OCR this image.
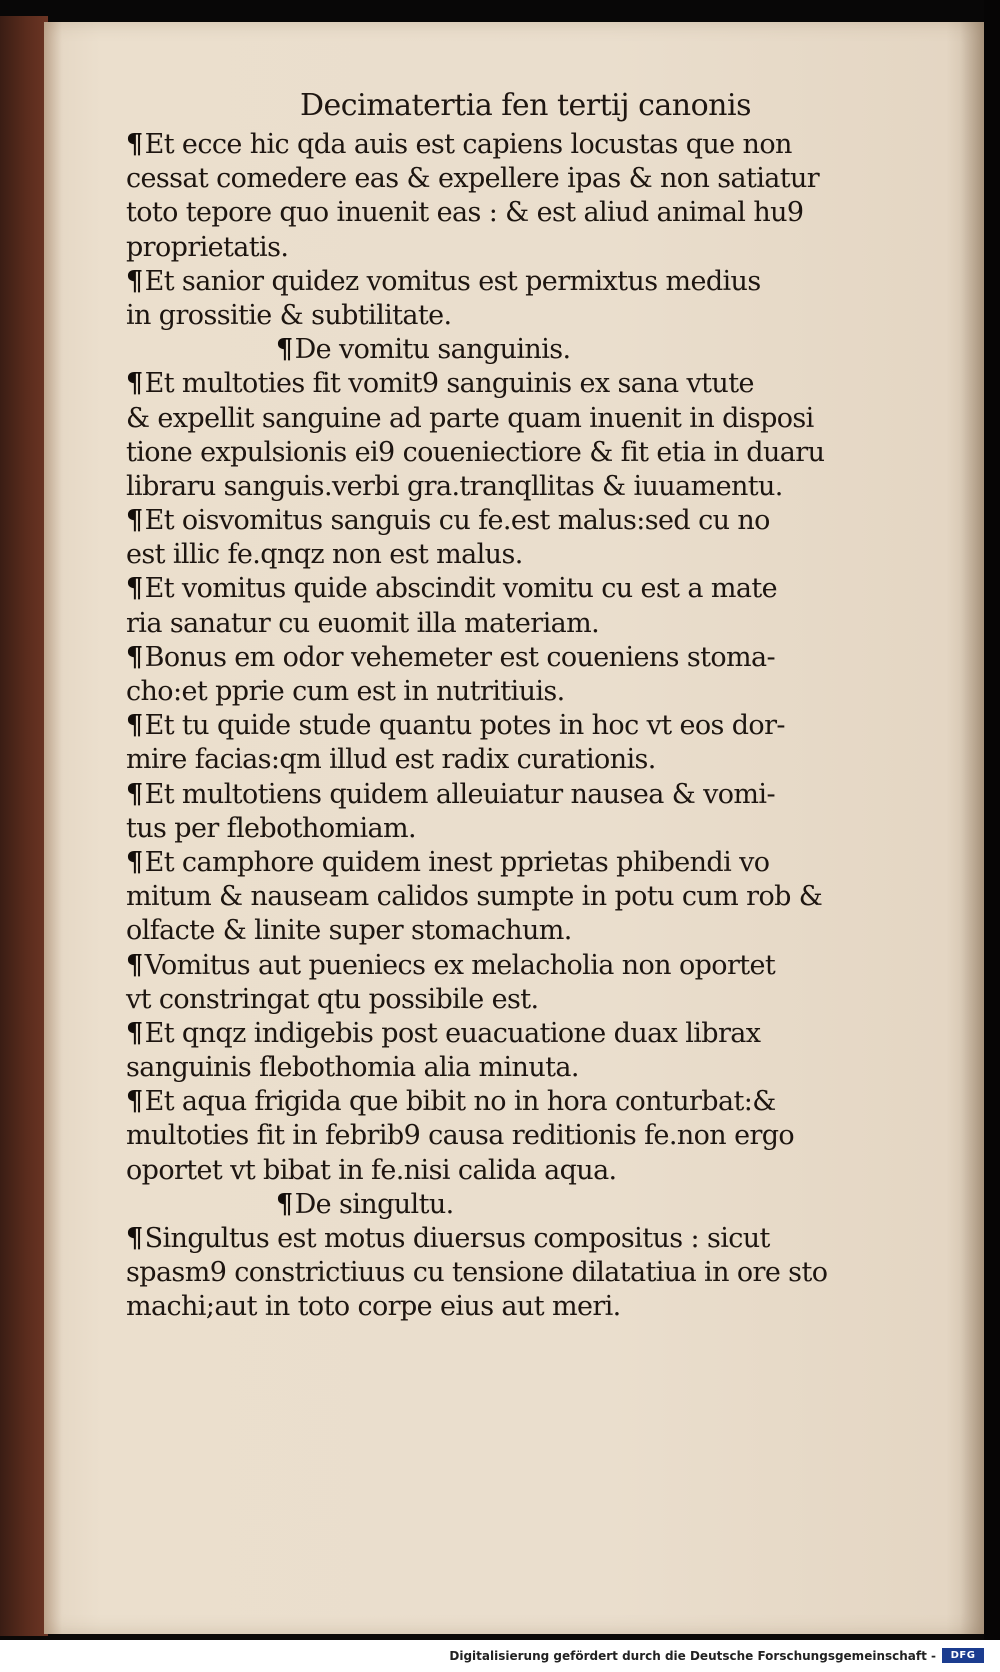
Decimatertia fen tertij canonis
¶Et ecce hic qda auis est capiens locustas que non
cessat comedere eas & expellere ipas & non satiatur
toto tepore quo inuenit eas : & est aliud animal hu9
proprietatis.
¶Et sanior quidez vomitus est permixtus medius
in grossitie & subtilitate.
¶De vomitu sanguinis.
¶Et multoties fit vomit9 sanguinis ex sana vtute
& expellit sanguine ad parte quam inuenit in disposi
tione expulsionis ei9 coueniectiore & fit etia in duaru
libraru sanguis.verbi gra.tranqllitas & iuuamentu.
¶Et oisvomitus sanguis cu fe.est malus:sed cu no
est illic fe.qnqz non est malus.
¶Et vomitus quide abscindit vomitu cu est a mate
ria sanatur cu euomit illa materiam.
¶Bonus em odor vehemeter est coueniens stoma-
cho:et pprie cum est in nutritiuis.
¶Et tu quide stude quantu potes in hoc vt eos dor-
mire facias:qm illud est radix curationis.
¶Et multotiens quidem alleuiatur nausea & vomi-
tus per flebothomiam.
¶Et camphore quidem inest pprietas phibendi vo
mitum & nauseam calidos sumpte in potu cum rob &
olfacte & linite super stomachum.
¶Vomitus aut pueniecs ex melacholia non oportet
vt constringat qtu possibile est.
¶Et qnqz indigebis post euacuatione duax librax
sanguinis flebothomia alia minuta.
¶Et aqua frigida que bibit no in hora conturbat:&
multoties fit in febrib9 causa reditionis fe.non ergo
oportet vt bibat in fe.nisi calida aqua.
¶De singultu.
¶Singultus est motus diuersus compositus : sicut
spasm9 constrictiuus cu tensione dilatatiua in ore sto
machi;aut in toto corpe eius aut meri.
Digitalisierung gefördert durch die Deutsche Forschungsgemeinschaft -	DFG
